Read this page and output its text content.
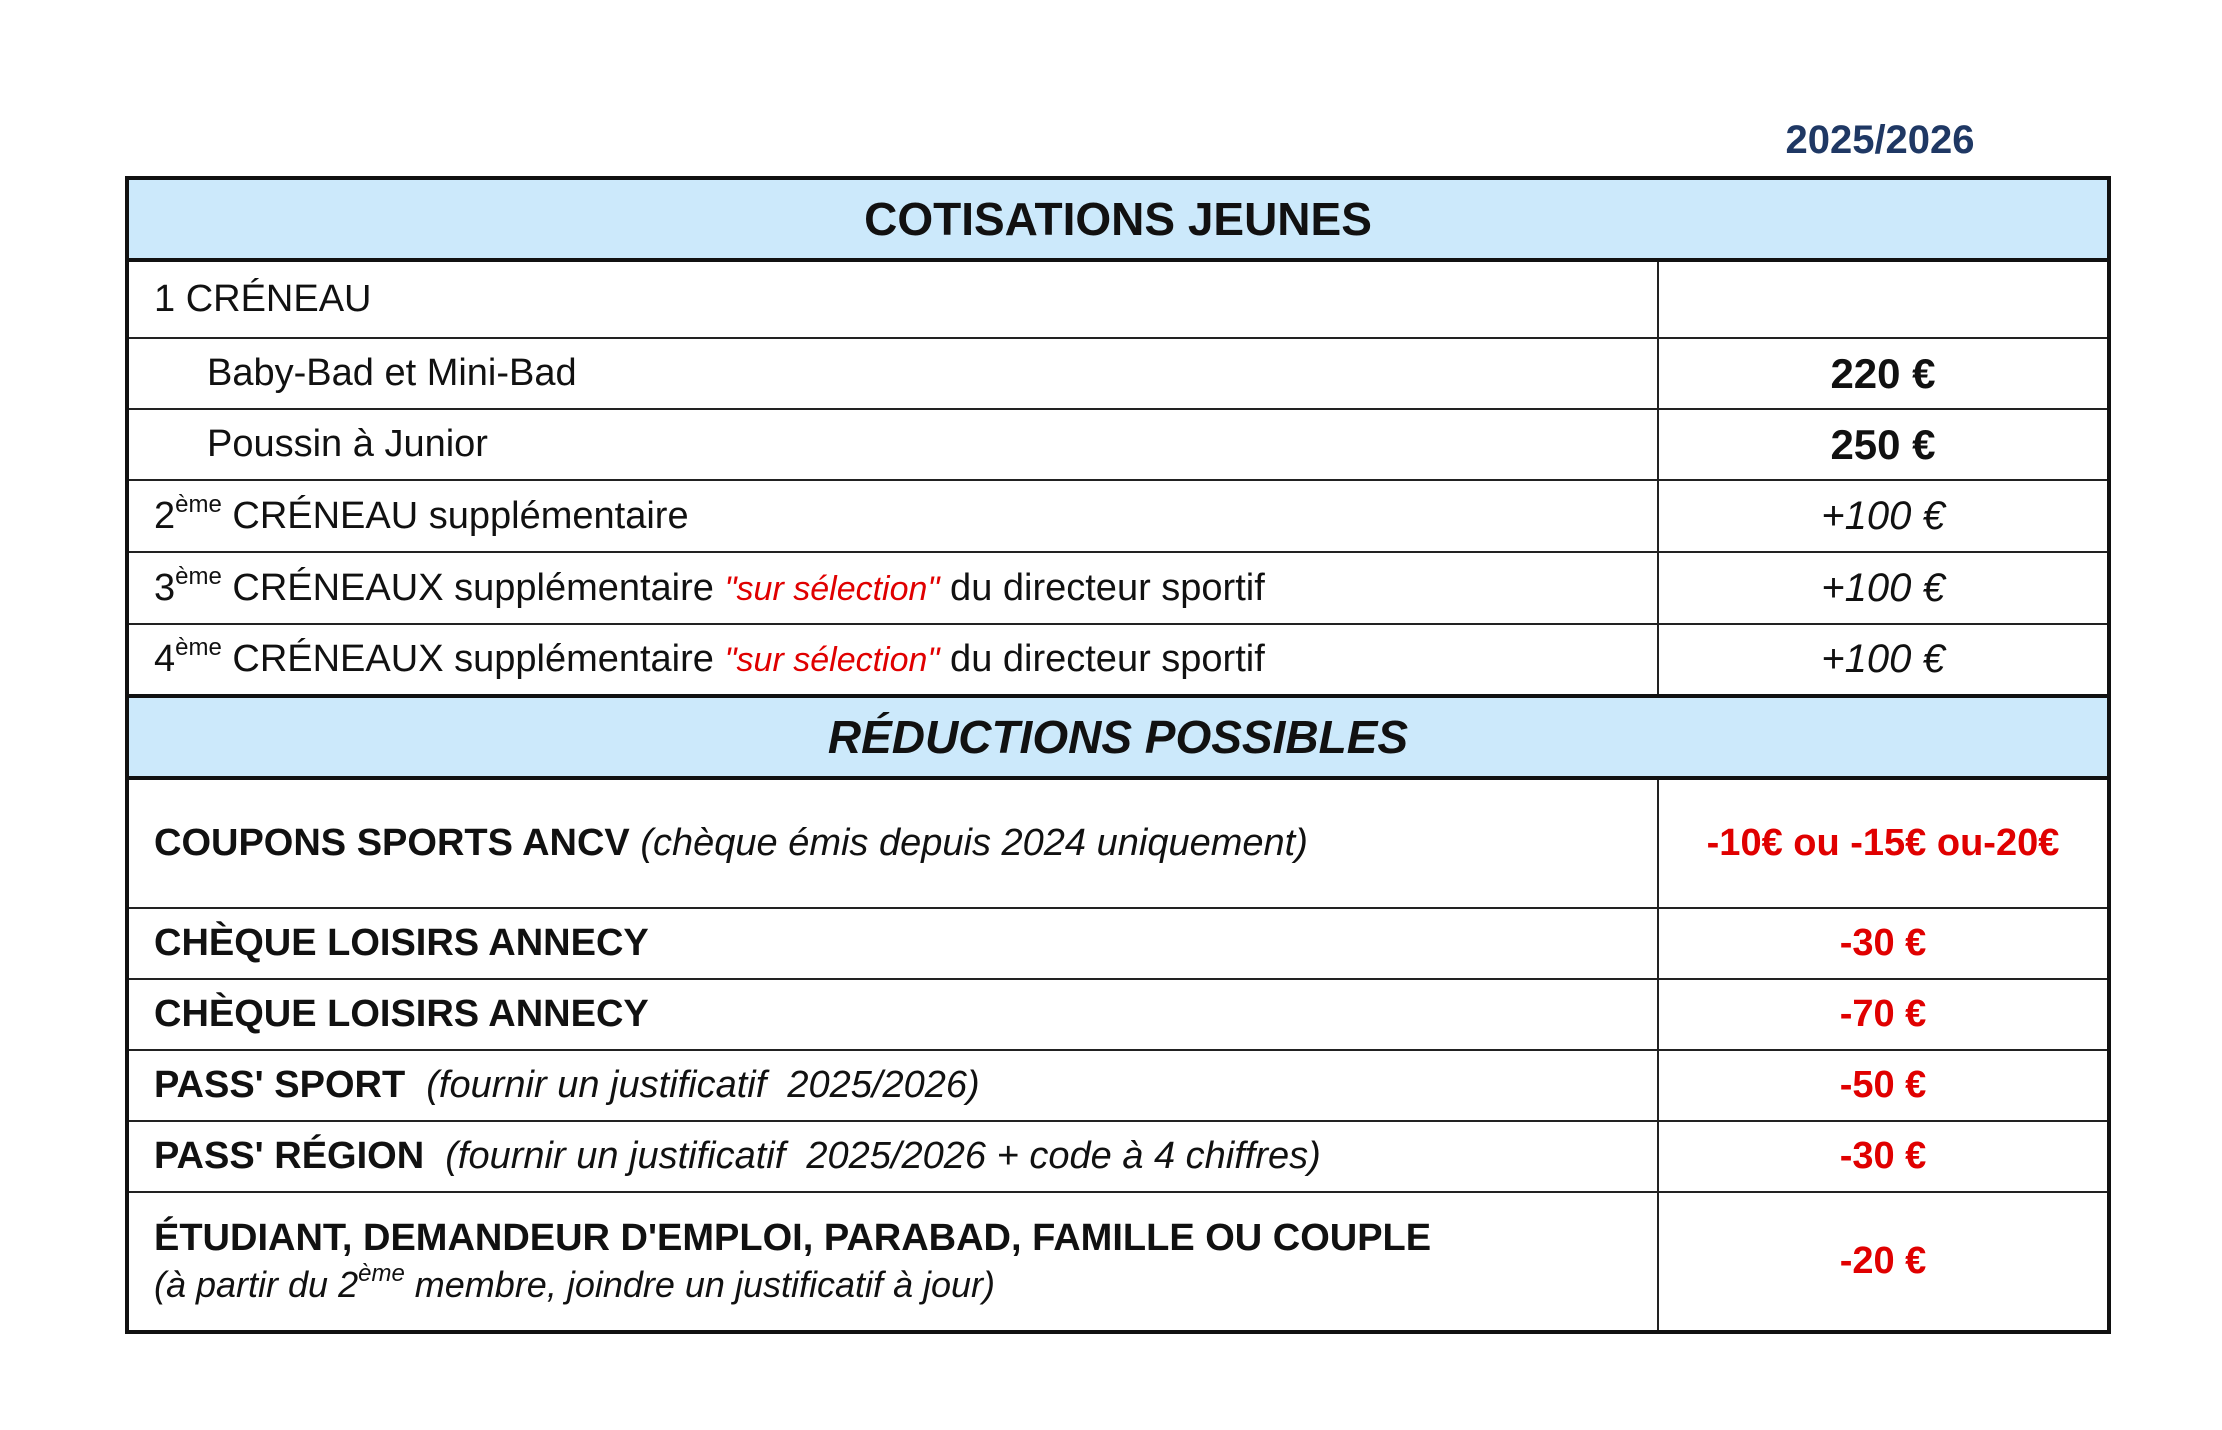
2025/2026
COTISATIONS JEUNES	
1 CRÉNEAU	
Baby-Bad et Mini-Bad	220 €
Poussin à Junior	250 €
2ème CRÉNEAU supplémentaire	+100 €
3ème CRÉNEAUX supplémentaire "sur sélection" du directeur sportif	+100 €
4ème CRÉNEAUX supplémentaire "sur sélection" du directeur sportif	+100 €
RÉDUCTIONS POSSIBLES	
COUPONS SPORTS ANCV (chèque émis depuis 2024 uniquement)	-10€ ou -15€ ou-20€
CHÈQUE LOISIRS ANNECY	-30 €
CHÈQUE LOISIRS ANNECY	-70 €
PASS' SPORT  (fournir un justificatif  2025/2026)	-50 €
PASS' RÉGION  (fournir un justificatif  2025/2026 + code à 4 chiffres)	-30 €
ÉTUDIANT, DEMANDEUR D'EMPLOI, PARABAD, FAMILLE OU COUPLE
(à partir du 2ème membre, joindre un justificatif à jour)	-20 €
